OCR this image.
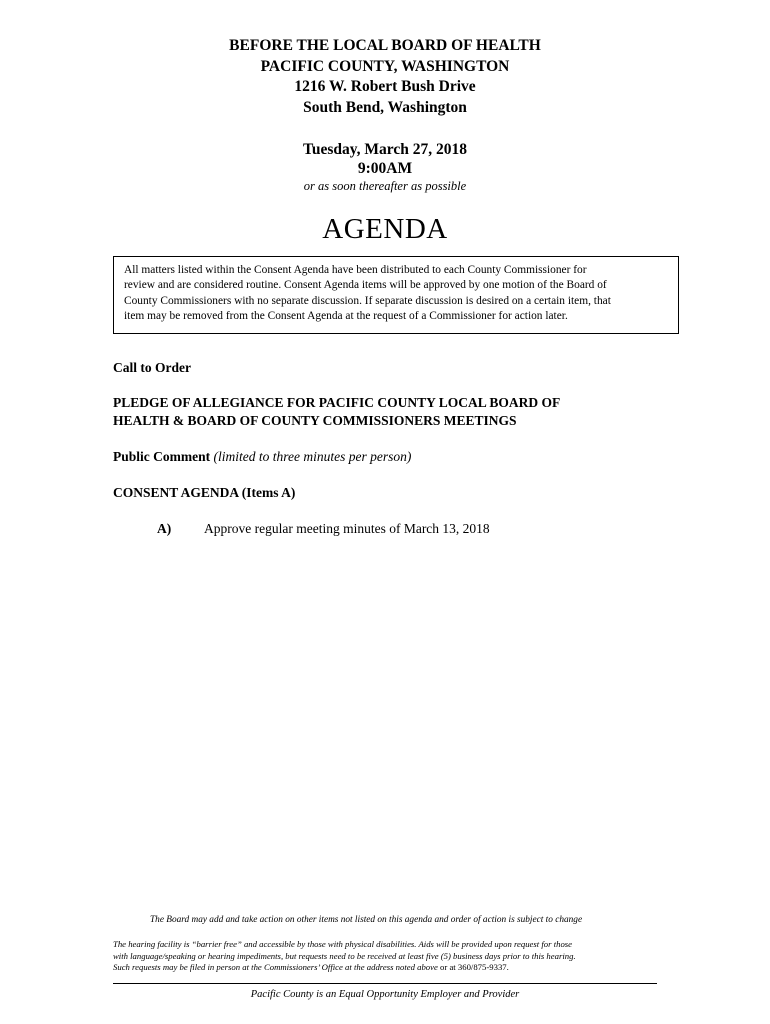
BEFORE THE LOCAL BOARD OF HEALTH
PACIFIC COUNTY, WASHINGTON
1216 W. Robert Bush Drive
South Bend, Washington
Tuesday, March 27, 2018
9:00AM
or as soon thereafter as possible
AGENDA
All matters listed within the Consent Agenda have been distributed to each County Commissioner for
review and are considered routine. Consent Agenda items will be approved by one motion of the Board of
County Commissioners with no separate discussion. If separate discussion is desired on a certain item, that
item may be removed from the Consent Agenda at the request of a Commissioner for action later.
Call to Order
PLEDGE OF ALLEGIANCE FOR PACIFIC COUNTY LOCAL BOARD OF
HEALTH & BOARD OF COUNTY COMMISSIONERS MEETINGS
Public Comment (limited to three minutes per person)
CONSENT AGENDA (Items A)
A) Approve regular meeting minutes of March 13, 2018
The Board may add and take action on other items not listed on this agenda and order of action is subject to change
The hearing facility is “barrier free” and accessible by those with physical disabilities. Aids will be provided upon request for those
with language/speaking or hearing impediments, but requests need to be received at least five (5) business days prior to this hearing.
Such requests may be filed in person at the Commissioners’ Office at the address noted above or at 360/875-9337.
Pacific County is an Equal Opportunity Employer and Provider
